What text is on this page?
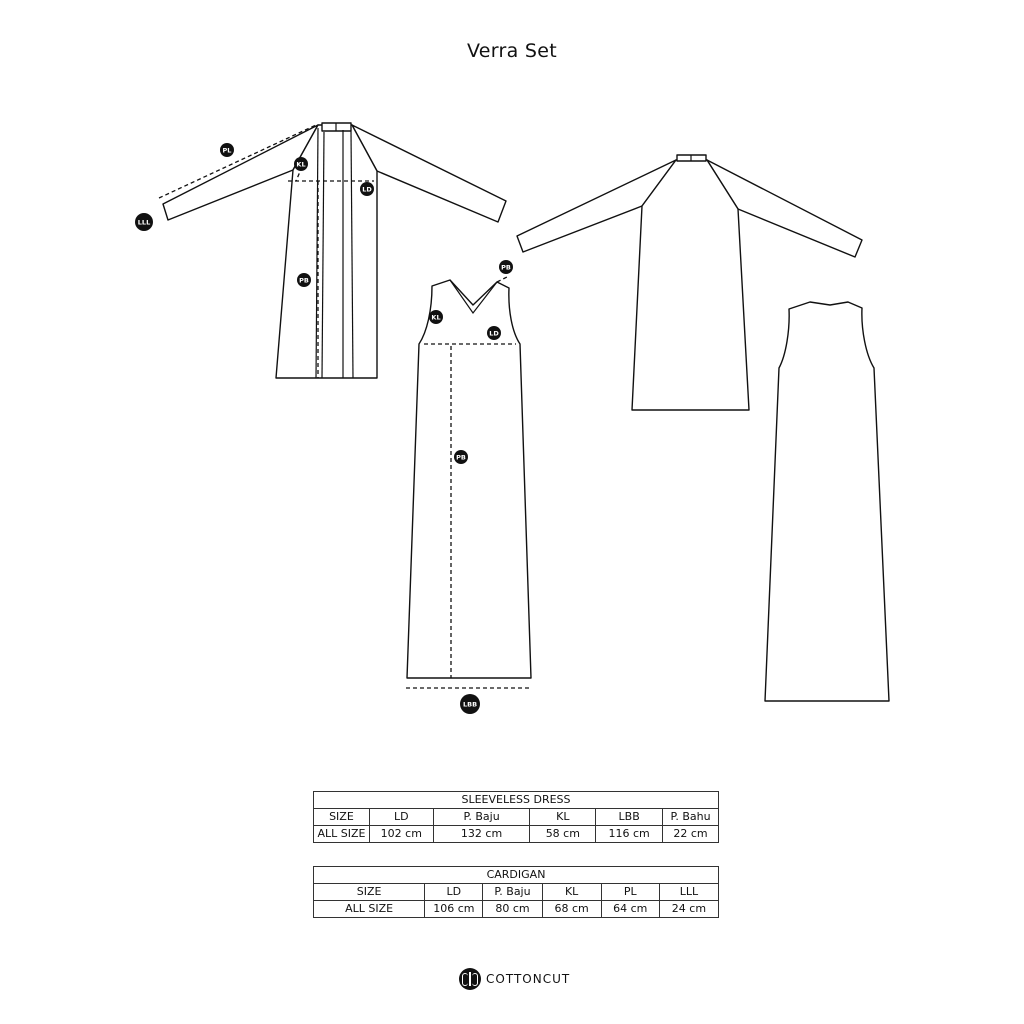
Verra Set
PL
KL
LD
LLL
PB
PB
KL
LD
PB
LBB
SLEEVELESS DRESS					
SIZE	LD	P. Baju	KL	LBB	P. Bahu
ALL SIZE	102 cm	132 cm	58 cm	116 cm	22 cm
CARDIGAN					
SIZE	LD	P. Baju	KL	PL	LLL
ALL SIZE	106 cm	80 cm	68 cm	64 cm	24 cm
COTTONCUT
